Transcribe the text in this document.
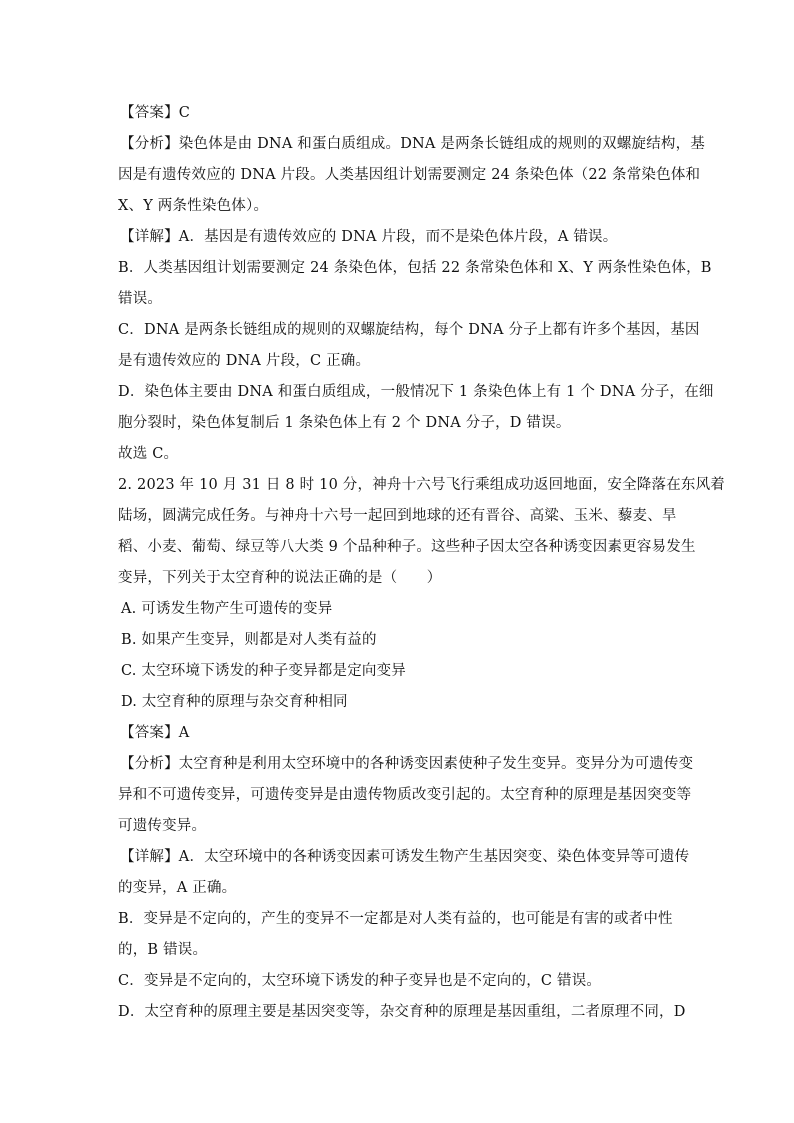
【答案】C
【分析】染色体是由 DNA 和蛋白质组成。DNA 是两条长链组成的规则的双螺旋结构，基
因是有遗传效应的 DNA 片段。人类基因组计划需要测定 24 条染色体（22 条常染色体和
X、Y 两条性染色体）。
【详解】A．基因是有遗传效应的 DNA 片段，而不是染色体片段，A 错误。
B．人类基因组计划需要测定 24 条染色体，包括 22 条常染色体和 X、Y 两条性染色体，B
错误。
C．DNA 是两条长链组成的规则的双螺旋结构，每个 DNA 分子上都有许多个基因，基因
是有遗传效应的 DNA 片段，C 正确。
D．染色体主要由 DNA 和蛋白质组成，一般情况下 1 条染色体上有 1 个 DNA 分子，在细
胞分裂时，染色体复制后 1 条染色体上有 2 个 DNA 分子，D 错误。
故选 C。
2. 2023 年 10 月 31 日 8 时 10 分，神舟十六号飞行乘组成功返回地面，安全降落在东风着
陆场，圆满完成任务。与神舟十六号一起回到地球的还有晋谷、高粱、玉米、藜麦、旱
稻、小麦、葡萄、绿豆等八大类 9 个品种种子。这些种子因太空各种诱变因素更容易发生
变异，下列关于太空育种的说法正确的是（　　）
A. 可诱发生物产生可遗传的变异
B. 如果产生变异，则都是对人类有益的
C. 太空环境下诱发的种子变异都是定向变异
D. 太空育种的原理与杂交育种相同
【答案】A
【分析】太空育种是利用太空环境中的各种诱变因素使种子发生变异。变异分为可遗传变
异和不可遗传变异，可遗传变异是由遗传物质改变引起的。太空育种的原理是基因突变等
可遗传变异。
【详解】A．太空环境中的各种诱变因素可诱发生物产生基因突变、染色体变异等可遗传
的变异，A 正确。
B．变异是不定向的，产生的变异不一定都是对人类有益的，也可能是有害的或者中性
的，B 错误。
C．变异是不定向的，太空环境下诱发的种子变异也是不定向的，C 错误。
D．太空育种的原理主要是基因突变等，杂交育种的原理是基因重组，二者原理不同，D
